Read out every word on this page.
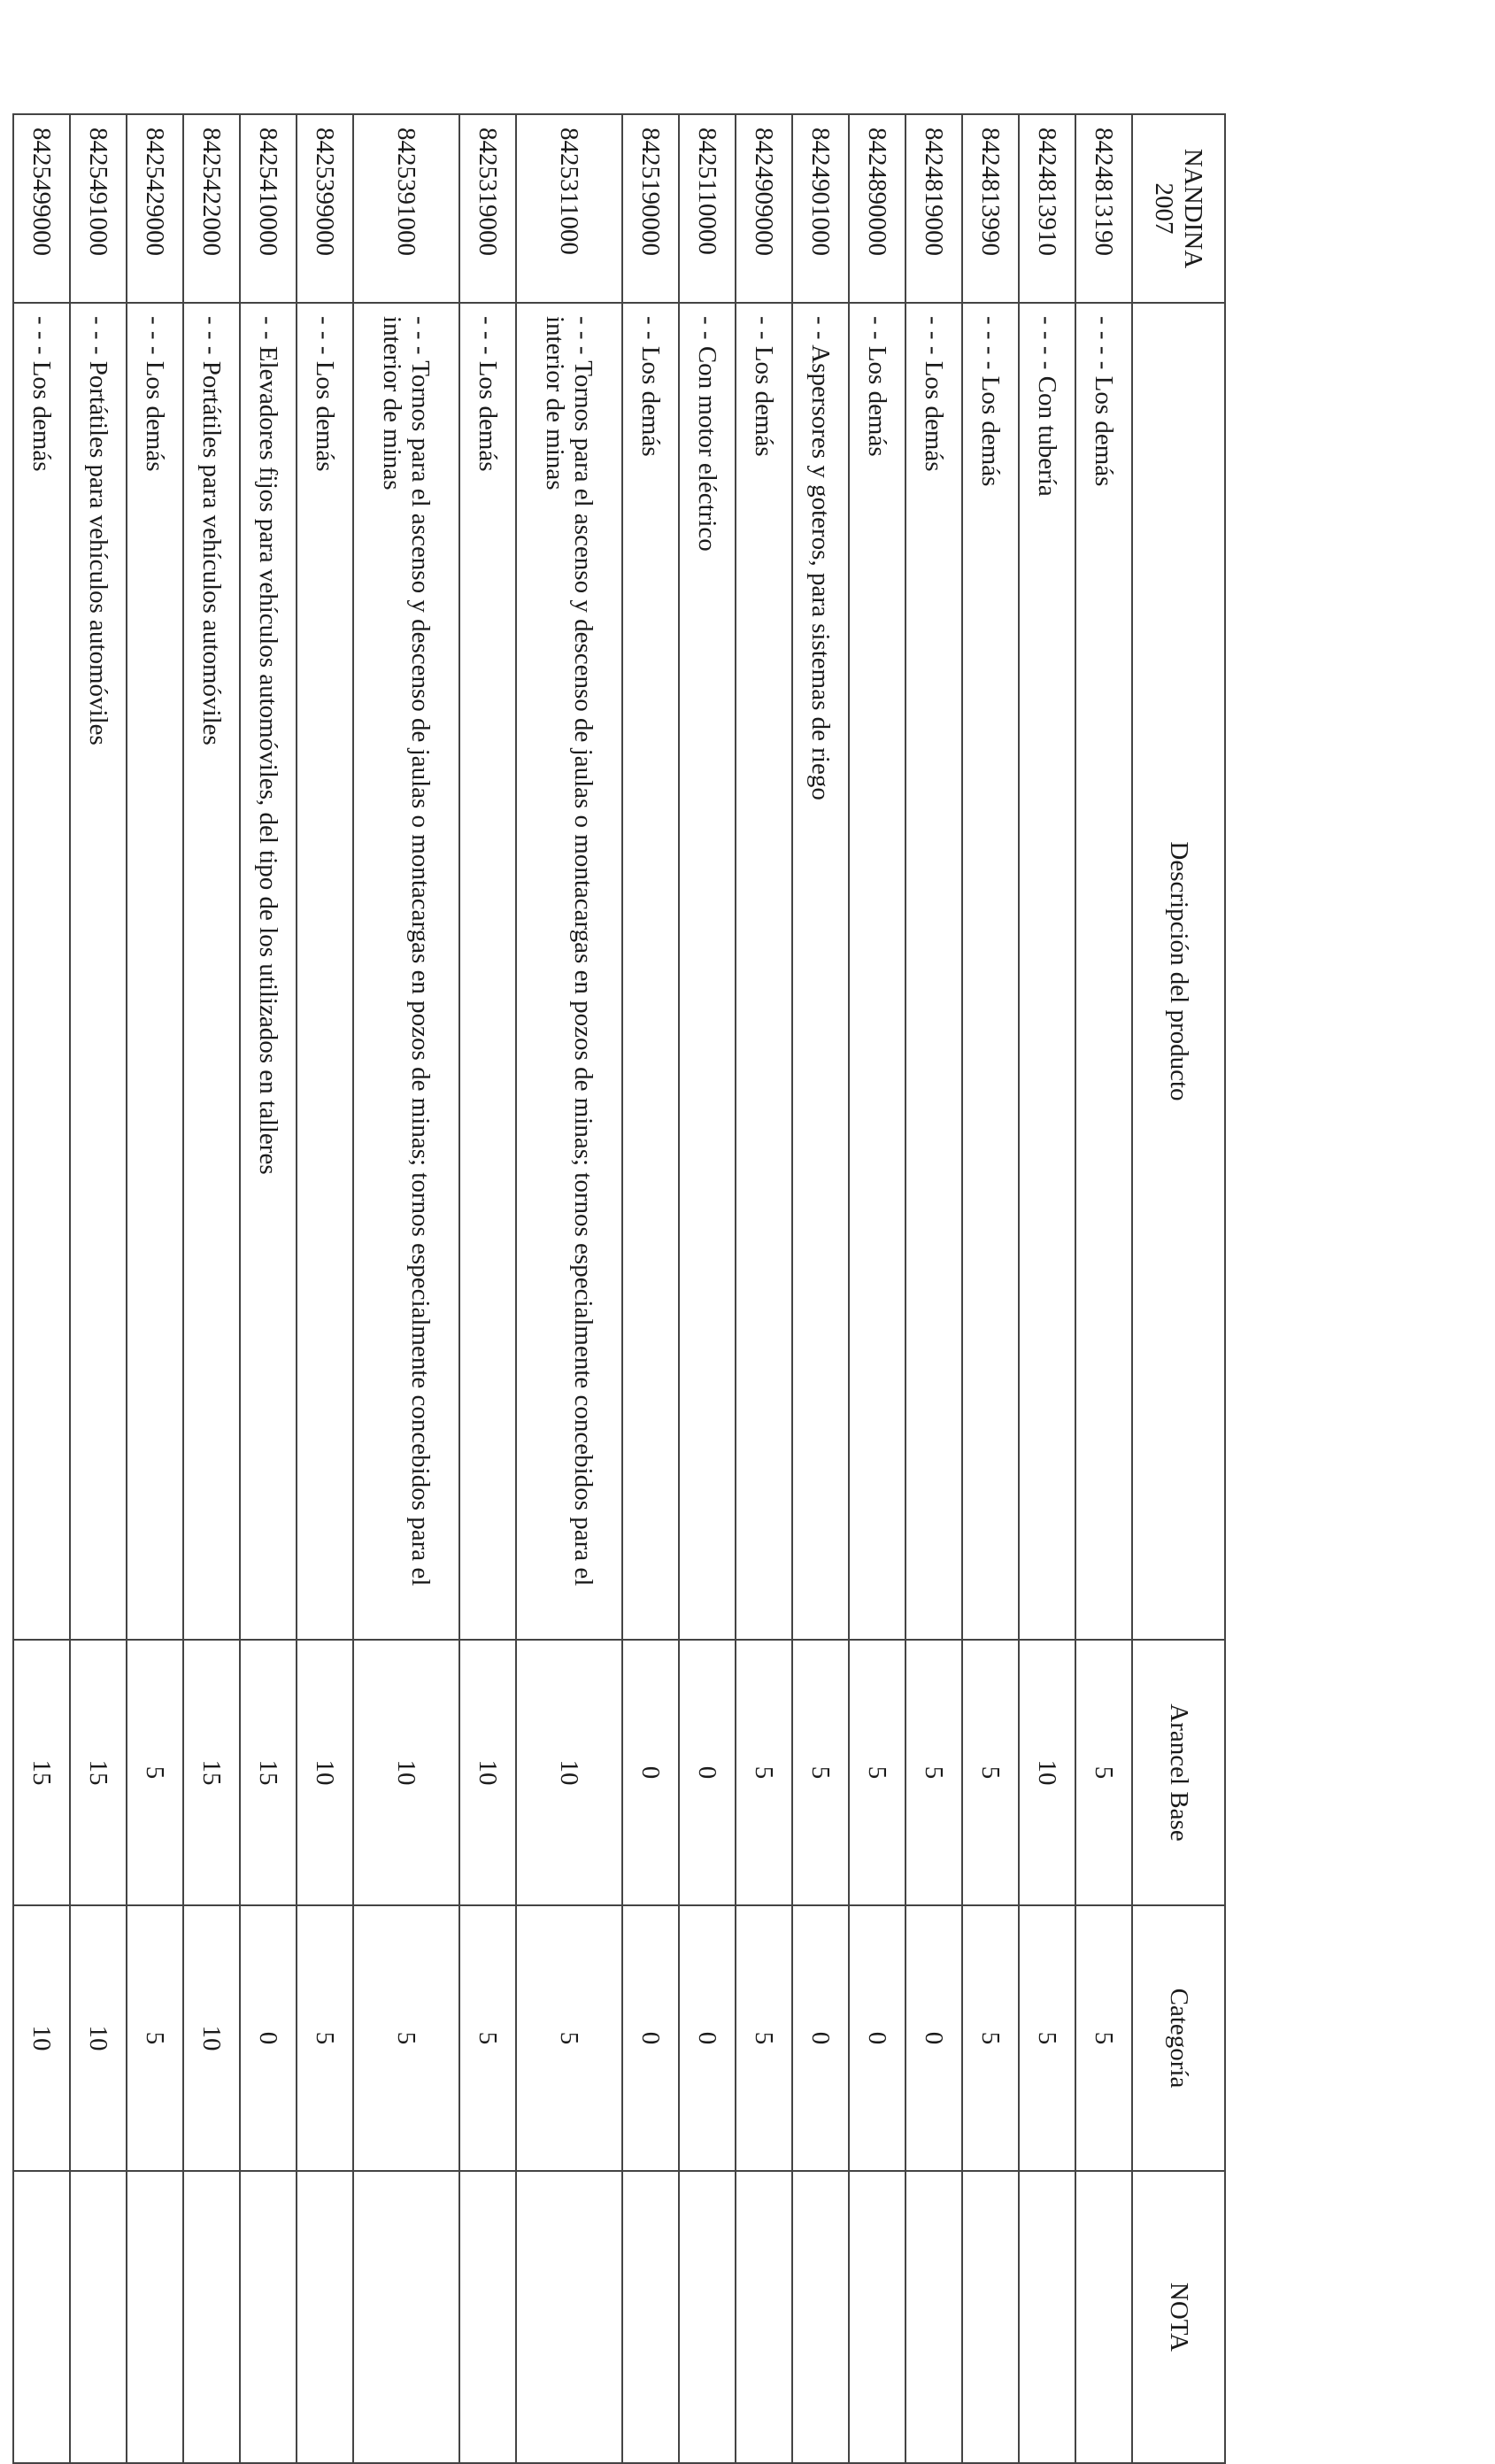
NANDINA 2007	Descripción del producto	Arancel Base	Categoría	NOTA
8424813190	- - - - Los demás	5	5	
8424813910	- - - - Con tubería	10	5	
8424813990	- - - - Los demás	5	5	
8424819000	- - - Los demás	5	0	
8424890000	- - Los demás	5	0	
8424901000	- - Aspersores y goteros, para sistemas de riego	5	0	
8424909000	- - Los demás	5	5	
8425110000	- - Con motor eléctrico	0	0	
8425190000	- - Los demás	0	0	
8425311000	- - - Tornos para el ascenso y descenso de jaulas o montacargas en pozos de minas; tornos especialmente concebidos para el interior de minas	10	5	
8425319000	- - - Los demás	10	5	
8425391000	- - - Tornos para el ascenso y descenso de jaulas o montacargas en pozos de minas; tornos especialmente concebidos para el interior de minas	10	5	
8425399000	- - - Los demás	10	5	
8425410000	- - Elevadores fijos para vehículos automóviles, del tipo de los utilizados en talleres	15	0	
8425422000	- - - Portátiles para vehículos automóviles	15	10	
8425429000	- - - Los demás	5	5	
8425491000	- - - Portátiles para vehículos automóviles	15	10	
8425499000	- - - Los demás	15	10	
